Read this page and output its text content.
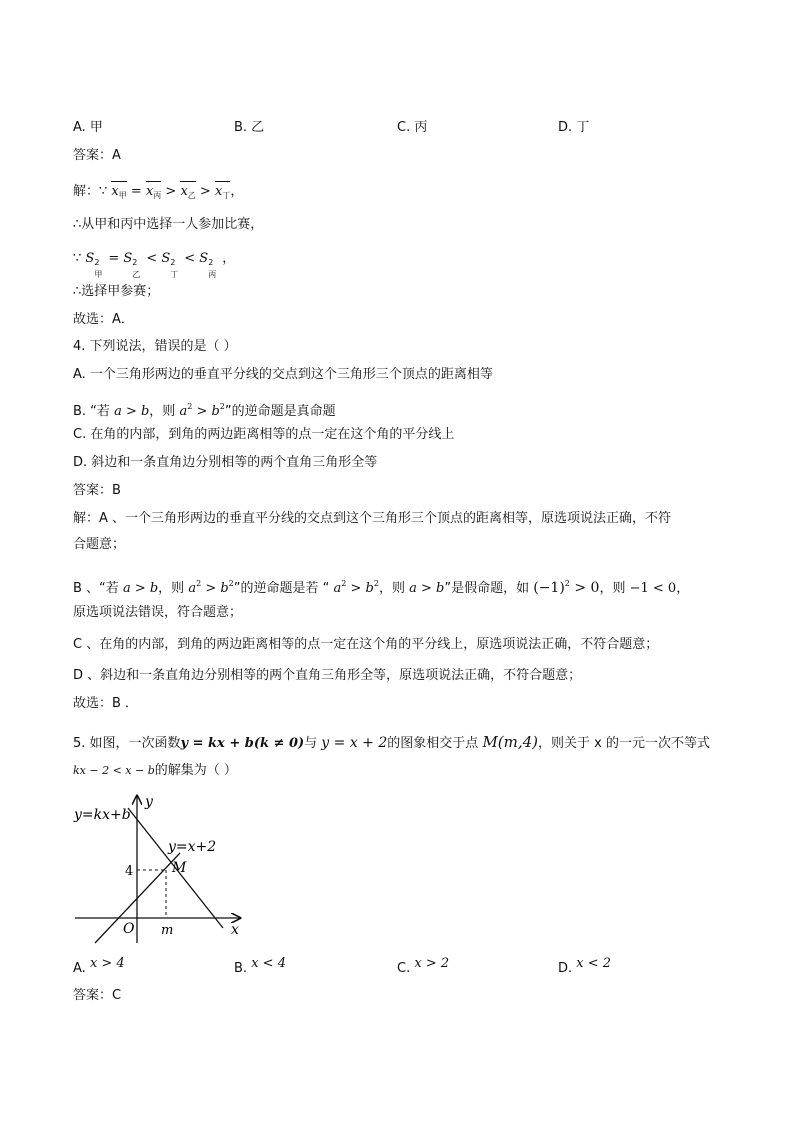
A. 甲	B. 乙	C. 丙	D. 丁
答案：A
解：∵ $x_甲 = x_丙 > x_乙 > x_丁$，
∴从甲和丙中选择一人参加比赛，
∵ S 2
甲
= S 2
乙
< S 2
丁
< S 2
丙
，
∴选择甲参赛；
故选：A．
4. 下列说法，错误的是（ ）
A. 一个三角形两边的垂直平分线的交点到这个三角形三个顶点的距离相等
B. “若 a > b，则 $a^2 > b^2$”的逆命题是真命题
C. 在角的内部，到角的两边距离相等的点一定在这个角的平分线上
D. 斜边和一条直角边分别相等的两个直角三角形全等
答案：B
解：A 、一个三角形两边的垂直平分线的交点到这个三角形三个顶点的距离相等，原选项说法正确，不符
合题意；
B 、“若 a > b，则 $a^2 > b^2$”的逆命题是若 “ $a^2 > b^2$，则 a > b”是假命题，如 $(-1)^2 > 0$，则 −1 < 0，
原选项说法错误，符合题意；
C 、在角的内部，到角的两边距离相等的点一定在这个角的平分线上，原选项说法正确，不符合题意；
D 、斜边和一条直角边分别相等的两个直角三角形全等，原选项说法正确，不符合题意；
故选：B ．
5. 如图，一次函数y = kx + b(k ≠ 0)与 y = x + 2的图象相交于点 M(m,4)，则关于 x 的一元一次不等式
kx − 2 < x − b的解集为（ ）
y=kx+b
y
y=x+2
M
4
O m	x
A. x > 4	B. x < 4	C. x > 2	D. x < 2
答案：C
